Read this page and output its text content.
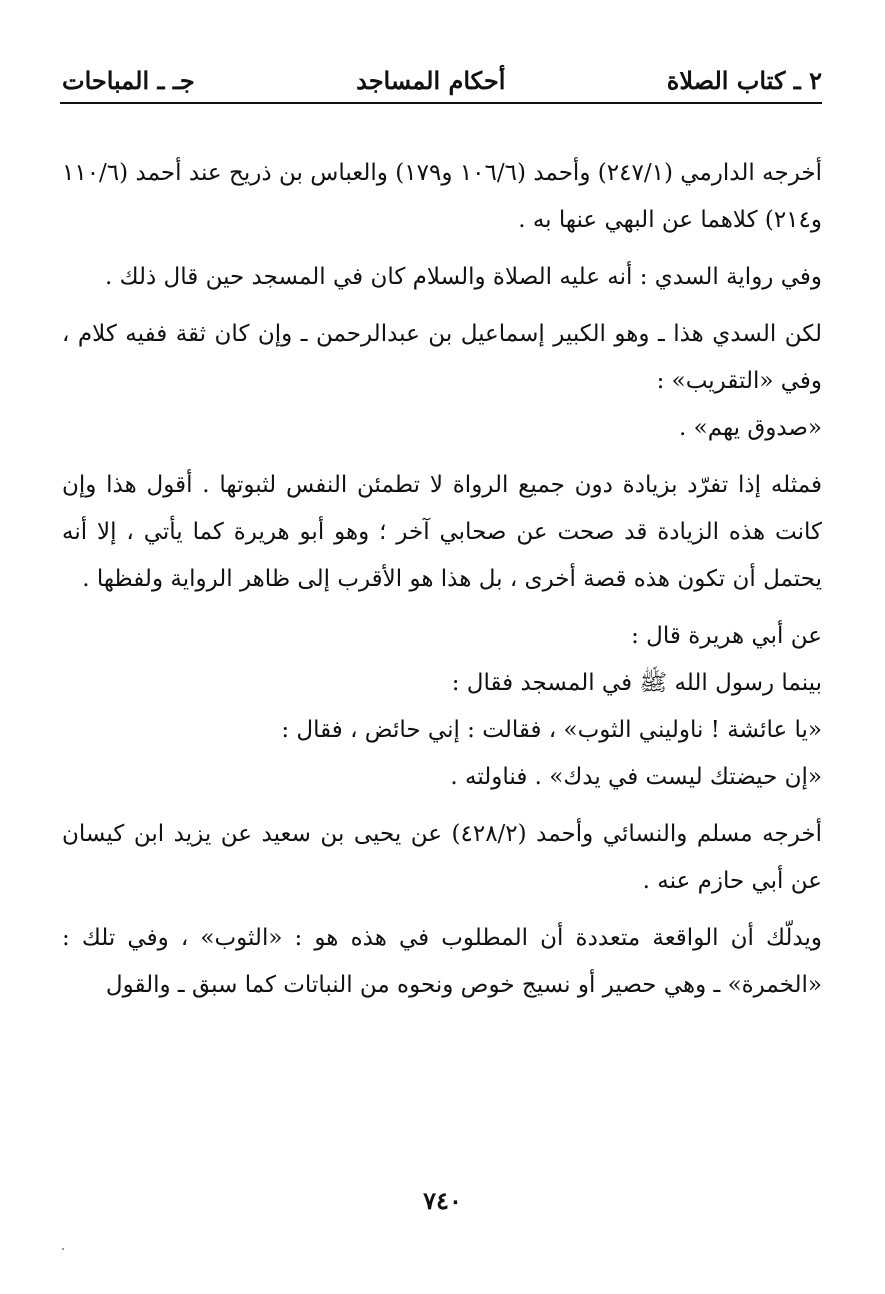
٢ ـ كتاب الصلاة
أحكام المساجد
جـ ـ المباحات

أخرجه الدارمي (٢٤٧/١) وأحمد (١٠٦/٦ و١٧٩) والعباس بن ذريح عند أحمد (١١٠/٦ و٢١٤) كلاهما عن البهي عنها به .

وفي رواية السدي : أنه عليه الصلاة والسلام كان في المسجد حين قال ذلك .

لكن السدي هذا ـ وهو الكبير إسماعيل بن عبدالرحمن ـ وإن كان ثقة ففيه كلام ، وفي «التقريب» :

«صدوق يهم» .

فمثله إذا تفرّد بزيادة دون جميع الرواة لا تطمئن النفس لثبوتها . أقول هذا وإن كانت هذه الزيادة قد صحت عن صحابي آخر ؛ وهو أبو هريرة كما يأتي ، إلا أنه يحتمل أن تكون هذه قصة أخرى ، بل هذا هو الأقرب إلى ظاهر الرواية ولفظها .

عن أبي هريرة قال :

بينما رسول الله ﷺ في المسجد فقال :

«يا عائشة ! ناوليني الثوب» ، فقالت : إني حائض ، فقال :

«إن حيضتك ليست في يدك» . فناولته .

أخرجه مسلم والنسائي وأحمد (٤٢٨/٢) عن يحيى بن سعيد عن يزيد ابن كيسان عن أبي حازم عنه .

ويدلّك أن الواقعة متعددة أن المطلوب في هذه هو : «الثوب» ، وفي تلك : «الخمرة» ـ وهي حصير أو نسيج خوص ونحوه من النباتات كما سبق ـ والقول

٧٤٠
